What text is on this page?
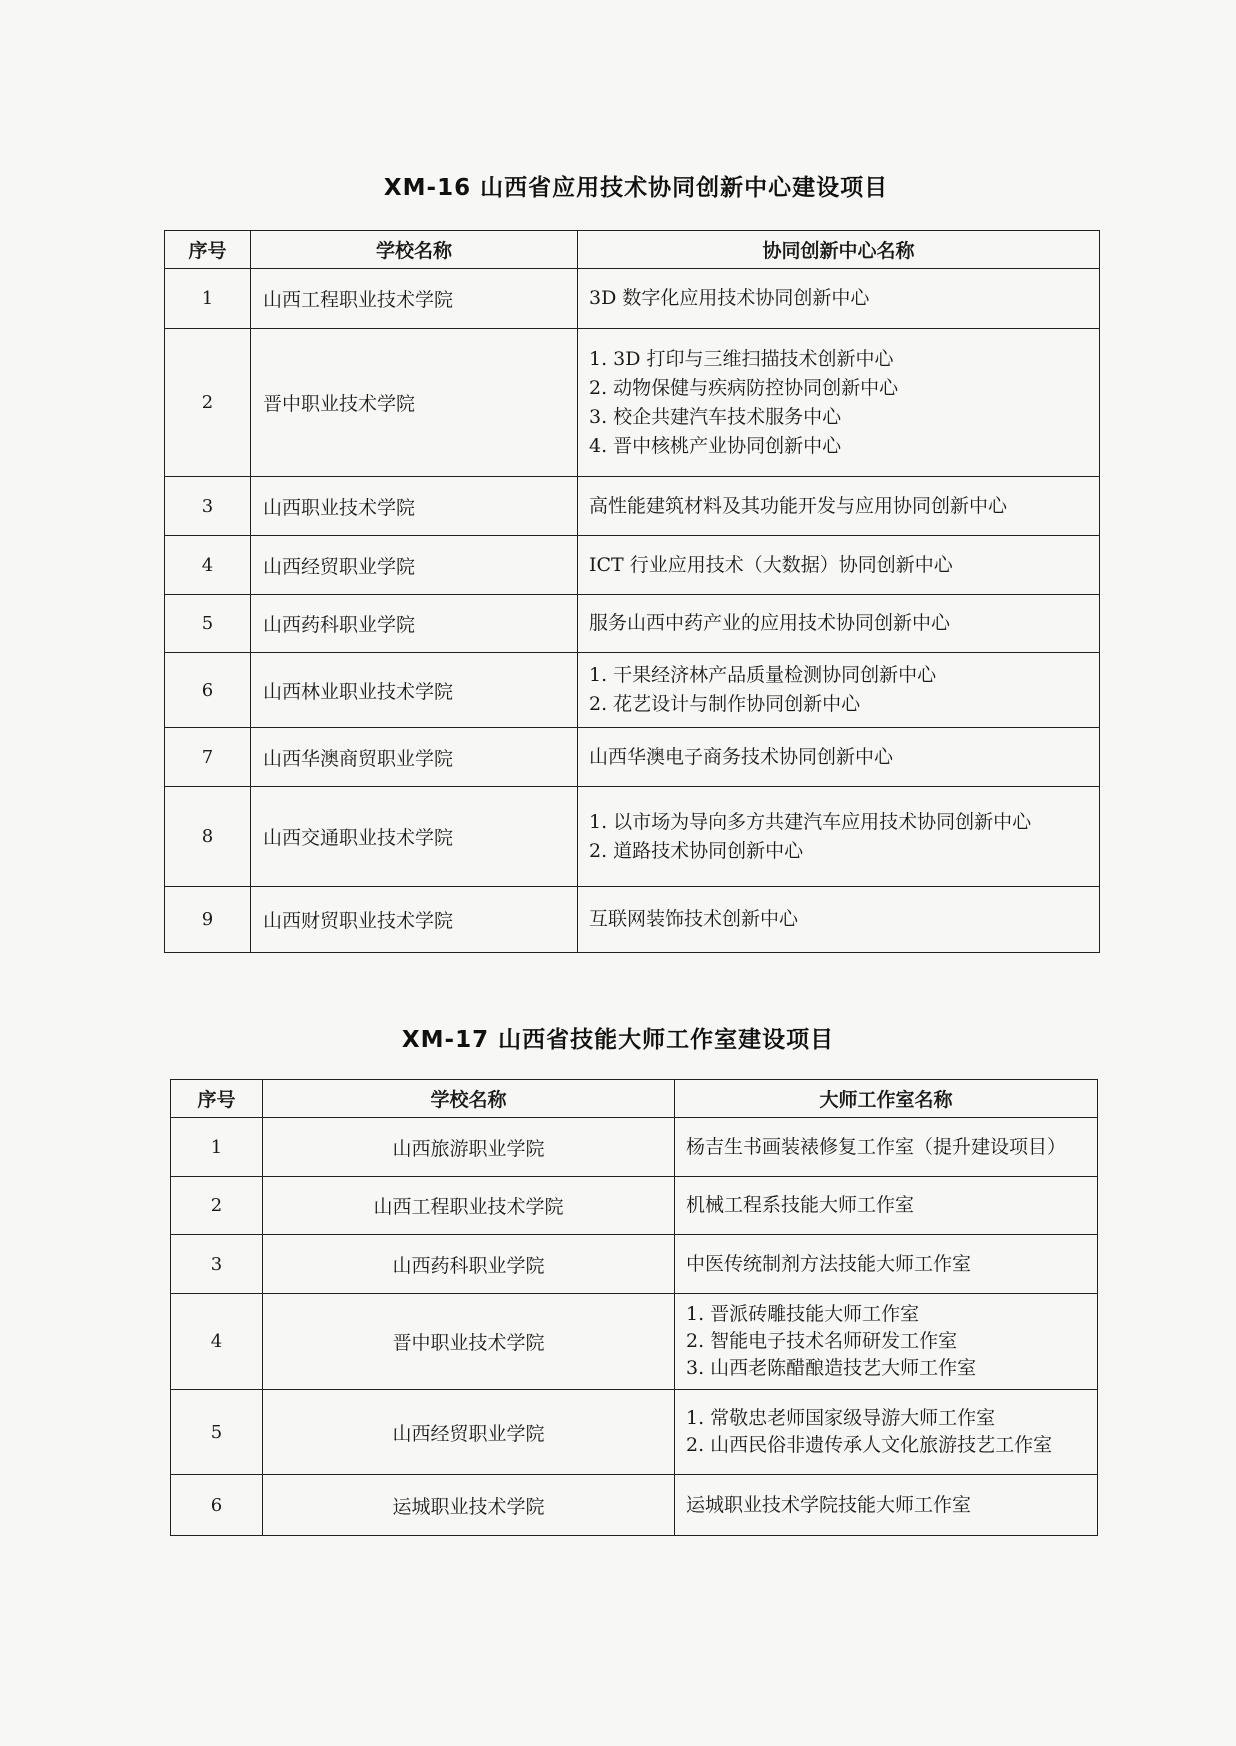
XM-16 山西省应用技术协同创新中心建设项目
序号	学校名称	协同创新中心名称
1	山西工程职业技术学院	3D 数字化应用技术协同创新中心

2	晋中职业技术学院	1. 3D 打印与三维扫描技术创新中心
2. 动物保健与疾病防控协同创新中心
3. 校企共建汽车技术服务中心
4. 晋中核桃产业协同创新中心

3	山西职业技术学院	高性能建筑材料及其功能开发与应用协同创新中心

4	山西经贸职业学院	ICT 行业应用技术（大数据）协同创新中心

5	山西药科职业学院	服务山西中药产业的应用技术协同创新中心

6	山西林业职业技术学院	1. 干果经济林产品质量检测协同创新中心
2. 花艺设计与制作协同创新中心

7	山西华澳商贸职业学院	山西华澳电子商务技术协同创新中心

8	山西交通职业技术学院	1. 以市场为导向多方共建汽车应用技术协同创新中心
2. 道路技术协同创新中心

9	山西财贸职业技术学院	互联网装饰技术创新中心
XM-17 山西省技能大师工作室建设项目
序号	学校名称	大师工作室名称
1	山西旅游职业学院	杨吉生书画装裱修复工作室（提升建设项目）

2	山西工程职业技术学院	机械工程系技能大师工作室

3	山西药科职业学院	中医传统制剂方法技能大师工作室

4	晋中职业技术学院	1. 晋派砖雕技能大师工作室
2. 智能电子技术名师研发工作室
3. 山西老陈醋酿造技艺大师工作室

5	山西经贸职业学院	1. 常敬忠老师国家级导游大师工作室
2. 山西民俗非遗传承人文化旅游技艺工作室

6	运城职业技术学院	运城职业技术学院技能大师工作室
